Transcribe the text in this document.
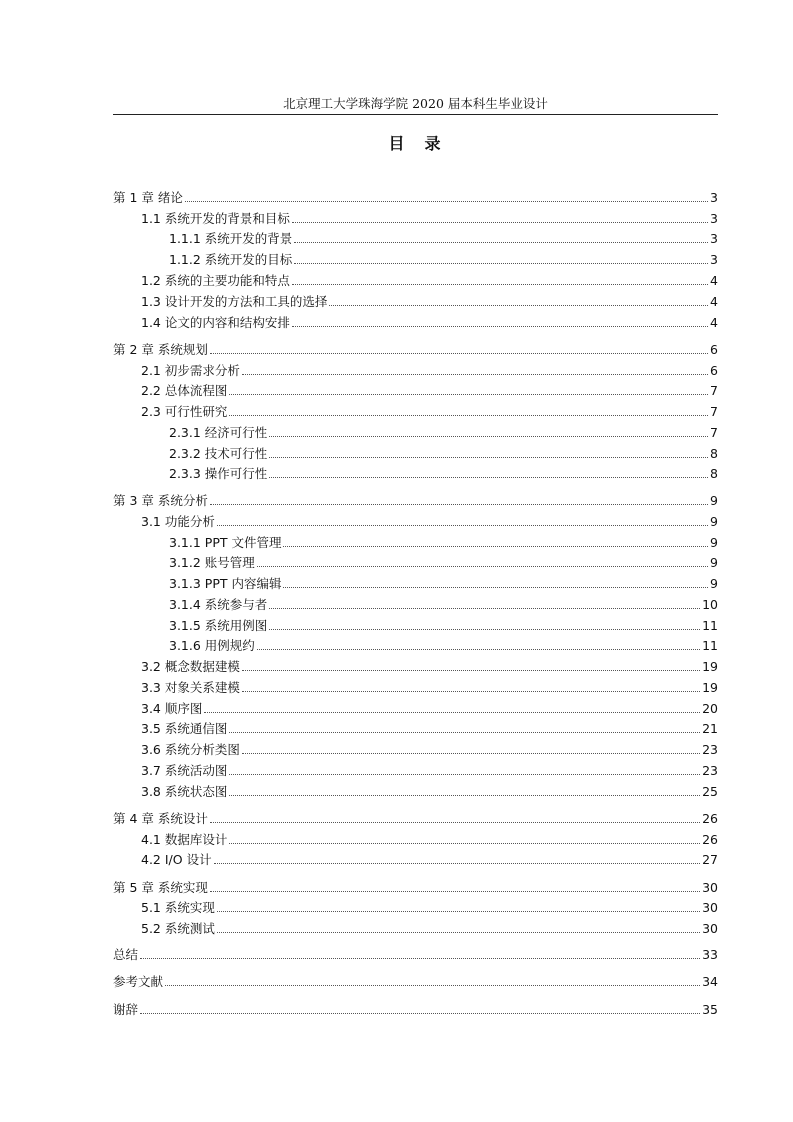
北京理工大学珠海学院 2020 届本科生毕业设计
目　录
第 1 章 绪论	3
1.1 系统开发的背景和目标	3
1.1.1 系统开发的背景	3
1.1.2 系统开发的目标	3
1.2 系统的主要功能和特点	4
1.3 设计开发的方法和工具的选择	4
1.4 论文的内容和结构安排	4
第 2 章 系统规划	6
2.1 初步需求分析	6
2.2 总体流程图	7
2.3 可行性研究	7
2.3.1 经济可行性	7
2.3.2 技术可行性	8
2.3.3 操作可行性	8
第 3 章 系统分析	9
3.1 功能分析	9
3.1.1 PPT 文件管理	9
3.1.2 账号管理	9
3.1.3 PPT 内容编辑	9
3.1.4 系统参与者	10
3.1.5 系统用例图	11
3.1.6 用例规约	11
3.2 概念数据建模	19
3.3 对象关系建模	19
3.4 顺序图	20
3.5 系统通信图	21
3.6 系统分析类图	23
3.7 系统活动图	23
3.8 系统状态图	25
第 4 章 系统设计	26
4.1 数据库设计	26
4.2 I/O 设计	27
第 5 章 系统实现	30
5.1 系统实现	30
5.2 系统测试	30
总结	33
参考文献	34
谢辞	35
